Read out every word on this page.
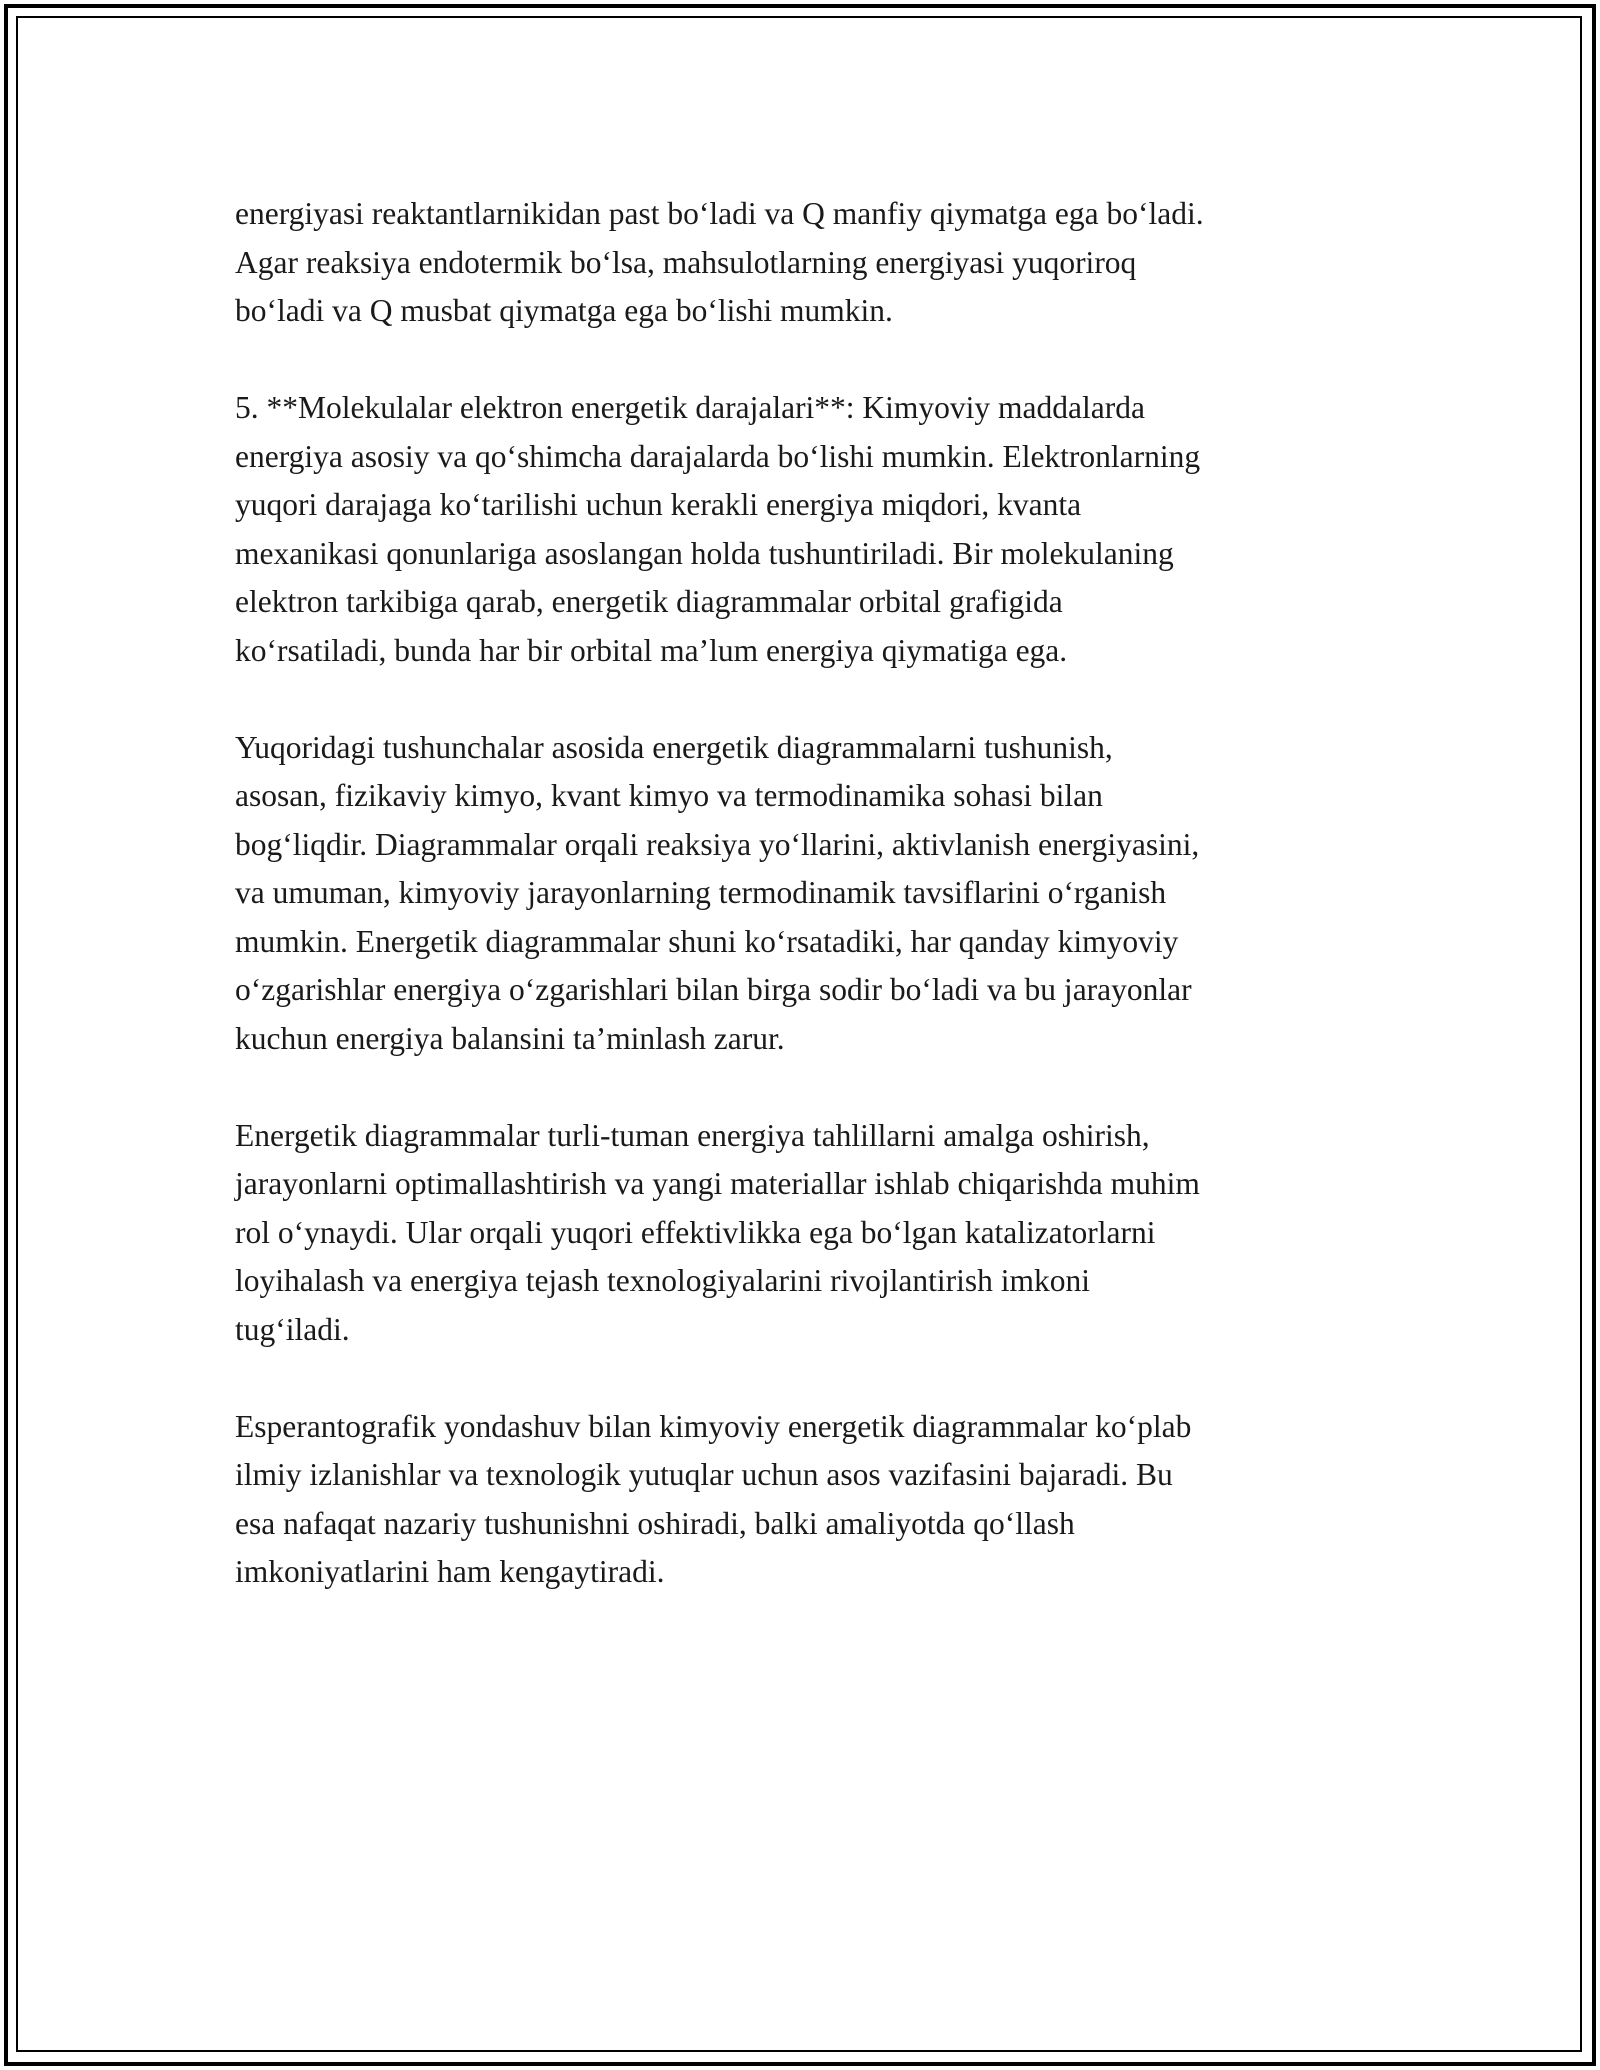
energiyasi reaktantlarnikidan past bo‘ladi va Q manfiy qiymatga ega bo‘ladi.
Agar reaksiya endotermik bo‘lsa, mahsulotlarning energiyasi yuqoriroq
bo‘ladi va Q musbat qiymatga ega bo‘lishi mumkin.

5. **Molekulalar elektron energetik darajalari**: Kimyoviy maddalarda
energiya asosiy va qo‘shimcha darajalarda bo‘lishi mumkin. Elektronlarning
yuqori darajaga ko‘tarilishi uchun kerakli energiya miqdori, kvanta
mexanikasi qonunlariga asoslangan holda tushuntiriladi. Bir molekulaning
elektron tarkibiga qarab, energetik diagrammalar orbital grafigida
ko‘rsatiladi, bunda har bir orbital ma’lum energiya qiymatiga ega.

Yuqoridagi tushunchalar asosida energetik diagrammalarni tushunish,
asosan, fizikaviy kimyo, kvant kimyo va termodinamika sohasi bilan
bog‘liqdir. Diagrammalar orqali reaksiya yo‘llarini, aktivlanish energiyasini,
va umuman, kimyoviy jarayonlarning termodinamik tavsiflarini o‘rganish
mumkin. Energetik diagrammalar shuni ko‘rsatadiki, har qanday kimyoviy
o‘zgarishlar energiya o‘zgarishlari bilan birga sodir bo‘ladi va bu jarayonlar
kuchun energiya balansini ta’minlash zarur.

Energetik diagrammalar turli-tuman energiya tahlillarni amalga oshirish,
jarayonlarni optimallashtirish va yangi materiallar ishlab chiqarishda muhim
rol o‘ynaydi. Ular orqali yuqori effektivlikka ega bo‘lgan katalizatorlarni
loyihalash va energiya tejash texnologiyalarini rivojlantirish imkoni
tug‘iladi.

Esperantografik yondashuv bilan kimyoviy energetik diagrammalar ko‘plab
ilmiy izlanishlar va texnologik yutuqlar uchun asos vazifasini bajaradi. Bu
esa nafaqat nazariy tushunishni oshiradi, balki amaliyotda qo‘llash
imkoniyatlarini ham kengaytiradi.
